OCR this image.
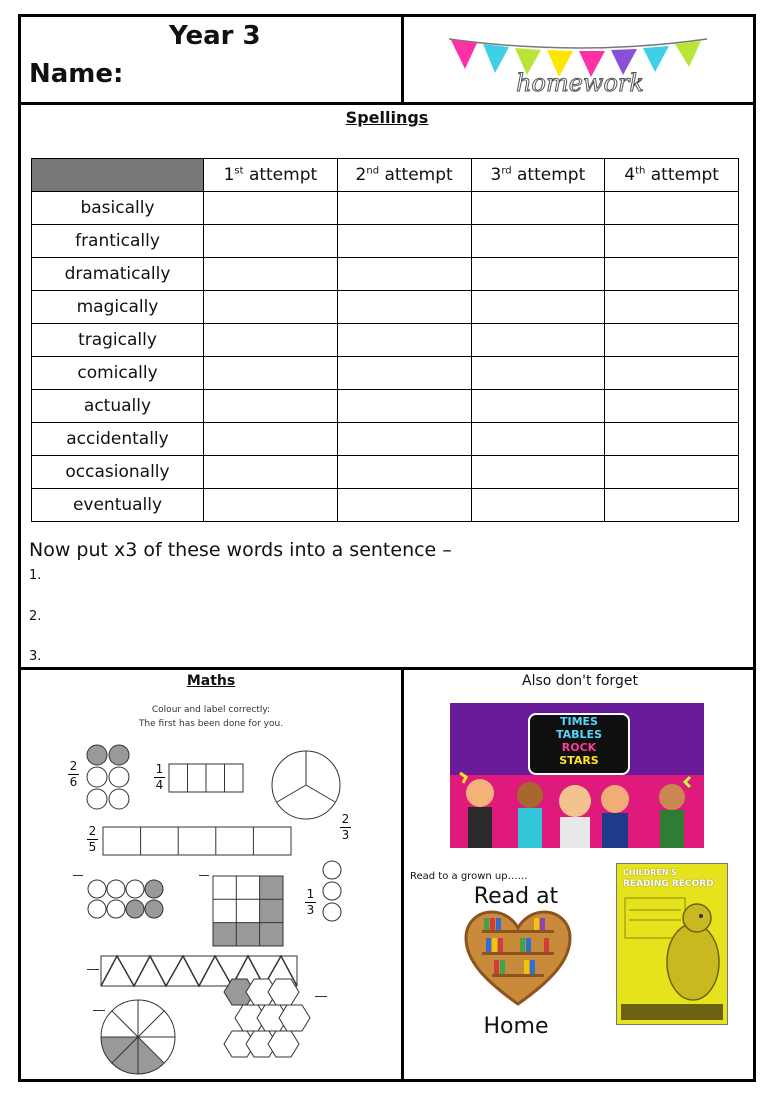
Year 3
Name:	homework
Spellings
	1st attempt	2nd attempt	3rd attempt	4th attempt
basically				
frantically				
dramatically				
magically				
tragically				
comically				
actually				
accidentally				
occasionally				
eventually				
Now put x3 of these words into a sentence –
1.
2.
3.
Maths
Colour and label correctly:
The first has been done for you.
2
6
1
4
2
3
2
5
1
3
Also don't forget
TIMES
TABLES
ROCK
STARS
Read to a grown up……
Read at
Home
CHILDREN'S
READING RECORD
